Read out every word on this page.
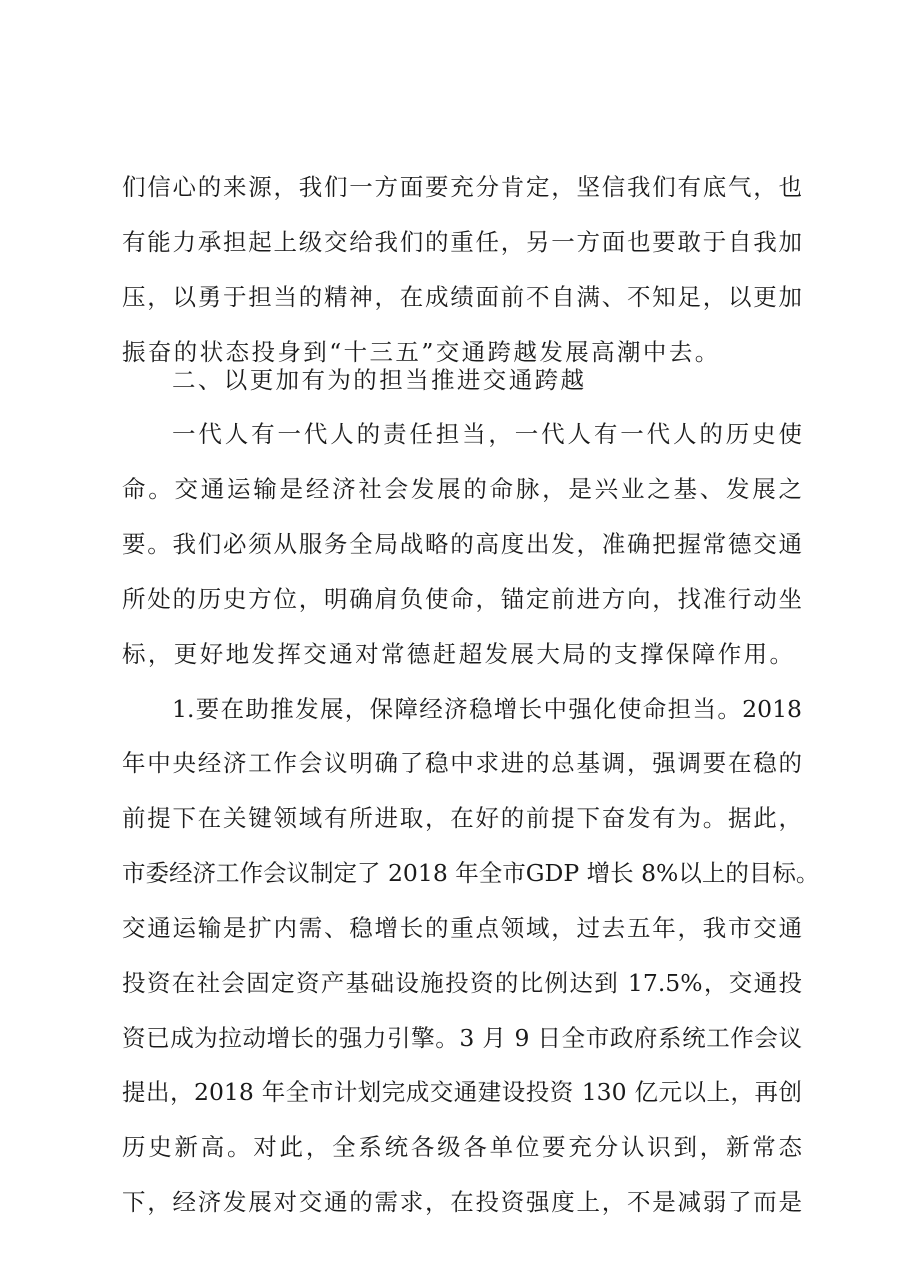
们信心的来源，我们一方面要充分肯定，坚信我们有底气，也
有能力承担起上级交给我们的重任，另一方面也要敢于自我加
压，以勇于担当的精神，在成绩面前不自满、不知足，以更加
振奋的状态投身到“十三五”交通跨越发展高潮中去。
二、以更加有为的担当推进交通跨越
一代人有一代人的责任担当，一代人有一代人的历史使
命。交通运输是经济社会发展的命脉，是兴业之基、发展之
要。我们必须从服务全局战略的高度出发，准确把握常德交通
所处的历史方位，明确肩负使命，锚定前进方向，找准行动坐
标，更好地发挥交通对常德赶超发展大局的支撑保障作用。
1.要在助推发展，保障经济稳增长中强化使命担当。2018
年中央经济工作会议明确了稳中求进的总基调，强调要在稳的
前提下在关键领域有所进取，在好的前提下奋发有为。据此，
市委经济工作会议制定了 2018 年全市GDP 增长 8%以上的目标。
交通运输是扩内需、稳增长的重点领域，过去五年，我市交通
投资在社会固定资产基础设施投资的比例达到 17.5%，交通投
资已成为拉动增长的强力引擎。3 月 9 日全市政府系统工作会议
提出，2018 年全市计划完成交通建设投资 130 亿元以上，再创
历史新高。对此，全系统各级各单位要充分认识到，新常态
下，经济发展对交通的需求，在投资强度上，不是减弱了而是
